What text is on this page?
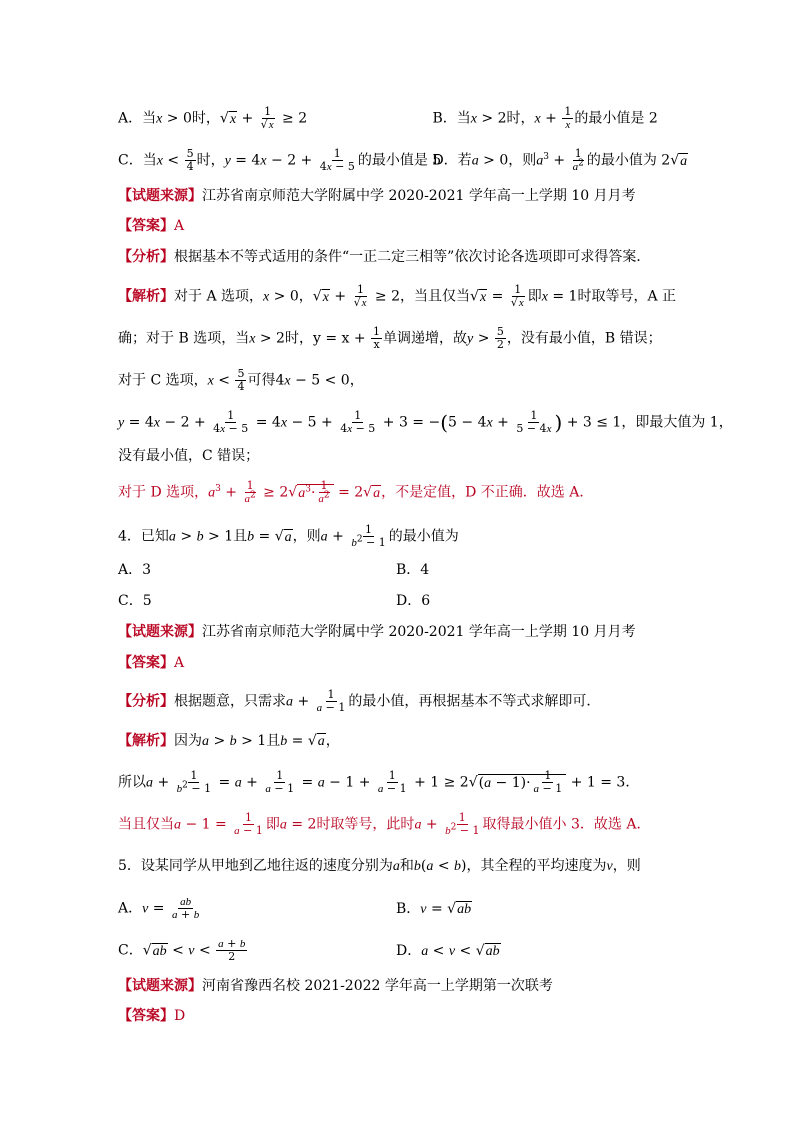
A．当x > 0时，$√x + \frac{1}{√x} \ge 2$	B．当x > 2时，$x + \frac{1}{x}$ 的最小值是 2
C．当$x < \frac{5}{4}$ 时，$y = 4x - 2 + \frac{1}{4x - 5}$ 的最小值是 5 D．若a > 0，则$a^3 + \frac{1}{a^2}$ 的最小值为 2√a
【试题来源】江苏省南京师范大学附属中学 2020-2021 学年高一上学期 10 月月考
【答案】A
【分析】根据基本不等式适用的条件“一正二定三相等”依次讨论各选项即可求得答案．
【解析】对于 A 选项，x > 0，$√x + \frac{1}{√x} \ge 2$，当且仅当$√x = \frac{1}{√x}$ 即x = 1时取等号，A 正
确；对于 B 选项，当x > 2时，$y = x + \frac{1}{x}$ 单调递增，故$y > \frac{5}{2}$ ，没有最小值，B 错误；
对于 C 选项，$x < \frac{5}{4}$ 可得4x − 5 < 0，
$y = 4x - 2 + \frac{1}{4x - 5} = 4x - 5 + \frac{1}{4x - 5} + 3 = -(5 - 4x + \frac{1}{5 - 4x}$ ) + 3 ≤ 1，即最大值为 1，
没有最小值，C 错误；
对于 D 选项，$a^3 + \frac{1}{a^2} \ge 2√a^3\cdot \frac{1}{a^2} = 2√a$，不是定值，D 不正确．故选 A．
4．已知a > b > 1且b = √a，则$a + \frac{1}{b^2 - 1}$ 的最小值为
A．3	B．4
C．5	D．6
【试题来源】江苏省南京师范大学附属中学 2020-2021 学年高一上学期 10 月月考
【答案】A
【分析】根据题意，只需求$a + \frac{1}{a - 1}$ 的最小值，再根据基本不等式求解即可．
【解析】因为a > b > 1且b = √a，
所以$a + \frac{1}{b^2 - 1} = a + \frac{1}{a - 1} = a - 1 + \frac{1}{a - 1} + 1 \ge 2√(a - 1)\cdot \frac{1}{a - 1} + 1 = 3$．
当且仅当$a - 1 = \frac{1}{a - 1}$ 即a = 2时取等号，此时$a + \frac{1}{b^2 - 1}$ 取得最小值小 3．故选 A．
5．设某同学从甲地到乙地往返的速度分别为a和b(a < b)，其全程的平均速度为v，则
A．$v = \frac{ab}{a + b}$	B．v = √ab
C．$√ab < v < \frac{a + b}{2}$	D．a < v < √ab
【试题来源】河南省豫西名校 2021-2022 学年高一上学期第一次联考
【答案】D
